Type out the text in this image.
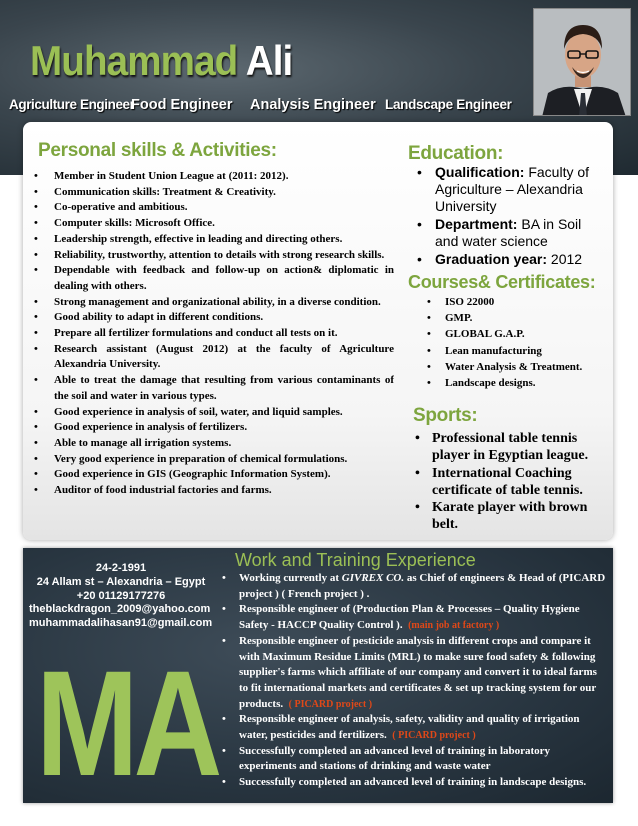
Muhammad Ali
Agriculture Engineer
Food Engineer Analysis Engineer Landscape Engineer
Personal skills & Activities:
• Member in Student Union League at (2011: 2012).
• Communication skills: Treatment & Creativity.
• Co-operative and ambitious.
• Computer skills: Microsoft Office.
• Leadership strength, effective in leading and directing others.
• Reliability, trustworthy, attention to details with strong research skills.
• Dependable with feedback and follow-up on action& diplomatic in dealing with others.
• Strong management and organizational ability, in a diverse condition.
• Good ability to adapt in different conditions.
• Prepare all fertilizer formulations and conduct all tests on it.
• Research assistant (August 2012) at the faculty of Agriculture Alexandria University.
• Able to treat the damage that resulting from various contaminants of the soil and water in various types.
• Good experience in analysis of soil, water, and liquid samples.
• Good experience in analysis of fertilizers.
• Able to manage all irrigation systems.
• Very good experience in preparation of chemical formulations.
• Good experience in GIS (Geographic Information System).
• Auditor of food industrial factories and farms.
Education:
• Qualification: Faculty of Agriculture – Alexandria University
• Department: BA in Soil and water science
• Graduation year: 2012
Courses& Certificates:
• ISO 22000
• GMP.
• GLOBAL G.A.P.
• Lean manufacturing
• Water Analysis & Treatment.
• Landscape designs.
Sports:
• Professional table tennis player in Egyptian league.
• International Coaching certificate of table tennis.
• Karate player with brown belt.
24-2-1991
24 Allam st – Alexandria – Egypt
+20 01129177276
theblackdragon_2009@yahoo.com
muhammadalihasan91@gmail.com
MA
Work and Training Experience
• Working currently at GIVREX CO. as Chief of engineers & Head of (PICARD project ) ( French project ) .
• Responsible engineer of (Production Plan & Processes – Quality Hygiene Safety - HACCP Quality Control ). (main job at factory )
• Responsible engineer of pesticide analysis in different crops and compare it with Maximum Residue Limits (MRL) to make sure food safety & following supplier's farms which affiliate of our company and convert it to ideal farms to fit international markets and certificates & set up tracking system for our products. ( PICARD project )
• Responsible engineer of analysis, safety, validity and quality of irrigation water, pesticides and fertilizers. ( PICARD project )
• Successfully completed an advanced level of training in laboratory experiments and stations of drinking and waste water
• Successfully completed an advanced level of training in landscape designs.
